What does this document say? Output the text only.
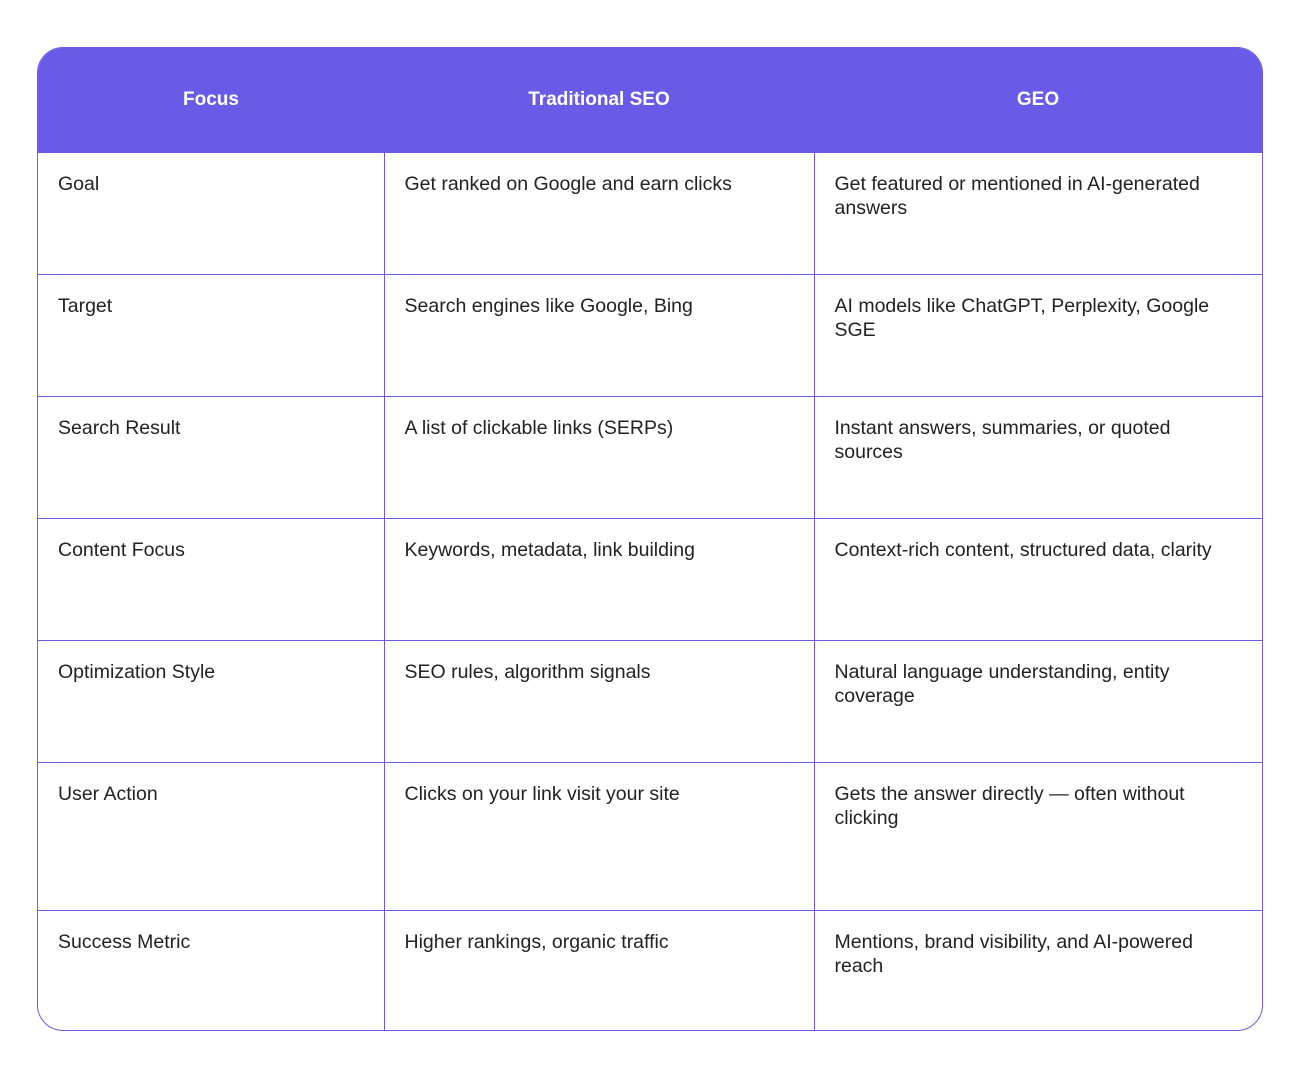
Focus	Traditional SEO	GEO
Goal	Get ranked on Google and earn clicks	Get featured or mentioned in AI-generated answers
Target	Search engines like Google, Bing	AI models like ChatGPT, Perplexity, Google SGE
Search Result	A list of clickable links (SERPs)	Instant answers, summaries, or quoted sources
Content Focus	Keywords, metadata, link building	Context-rich content, structured data, clarity
Optimization Style	SEO rules, algorithm signals	Natural language understanding, entity coverage
User Action	Clicks on your link visit your site	Gets the answer directly — often without clicking
Success Metric	Higher rankings, organic traffic	Mentions, brand visibility, and AI-powered reach
